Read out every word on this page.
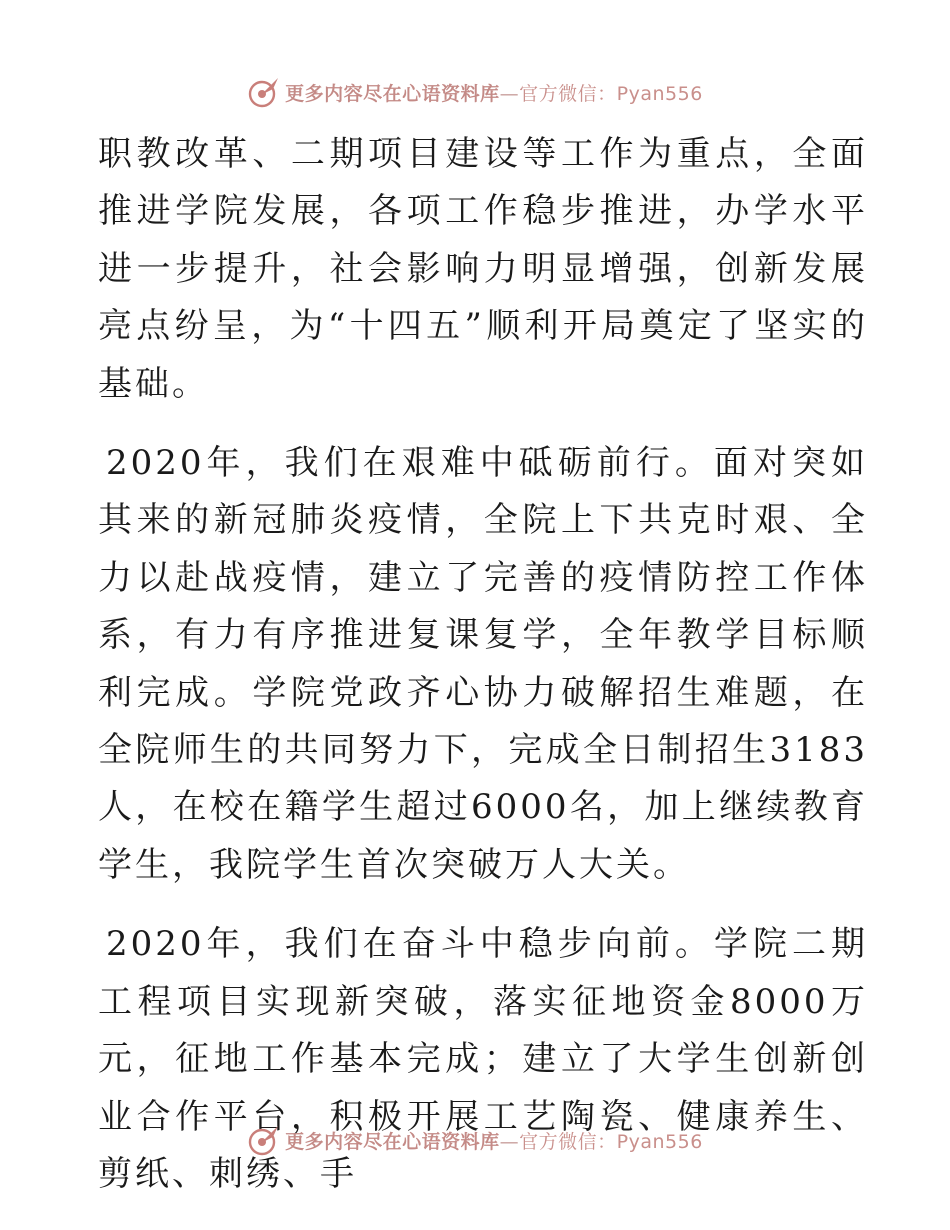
更多内容尽在心语资料库—官方微信：Pyan556

职教改革、二期项目建设等工作为重点，全面推进学院发展，各项工作稳步推进，办学水平进一步提升，社会影响力明显增强，创新发展亮点纷呈，为“十四五”顺利开局奠定了坚实的基础。

2020年，我们在艰难中砥砺前行。面对突如其来的新冠肺炎疫情，全院上下共克时艰、全力以赴战疫情，建立了完善的疫情防控工作体系，有力有序推进复课复学，全年教学目标顺利完成。学院党政齐心协力破解招生难题，在全院师生的共同努力下，完成全日制招生3183人，在校在籍学生超过6000名，加上继续教育学生，我院学生首次突破万人大关。

2020年，我们在奋斗中稳步向前。学院二期工程项目实现新突破，落实征地资金8000万元，征地工作基本完成；建立了大学生创新创业合作平台，积极开展工艺陶瓷、健康养生、剪纸、刺绣、手

更多内容尽在心语资料库—官方微信：Pyan556
